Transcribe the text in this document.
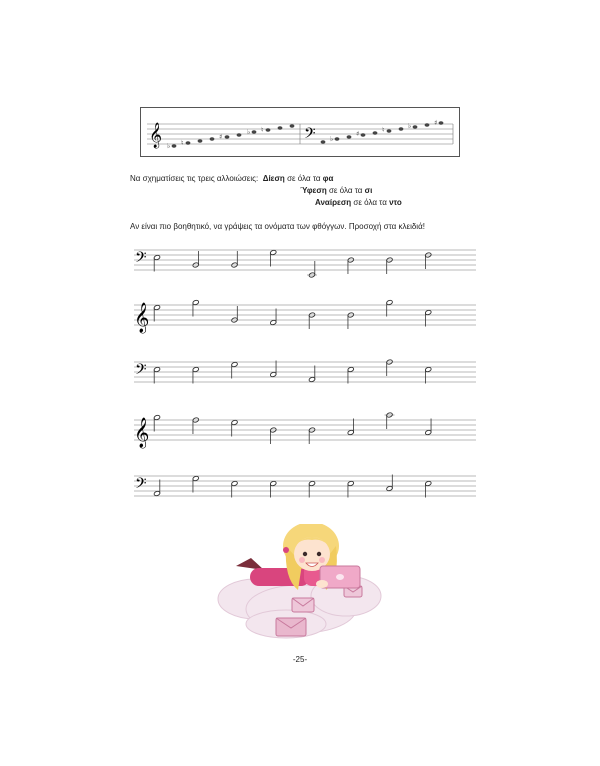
𝄞	𝄢
♭ ♮
♯
♭ ♮
♭
♯	♮	♭	♯
Να σχηματίσεις τις τρεις αλλοιώσεις: Δίεση σε όλα τα φα
Ύφεση σε όλα τα σι
Αναίρεση σε όλα τα ντο
Αν είναι πιο βοηθητικό, να γράψεις τα ονόματα των φθόγγων. Προσοχή στα κλειδιά!
𝄢
𝄞
𝄢
𝄞
𝄢
-25-
